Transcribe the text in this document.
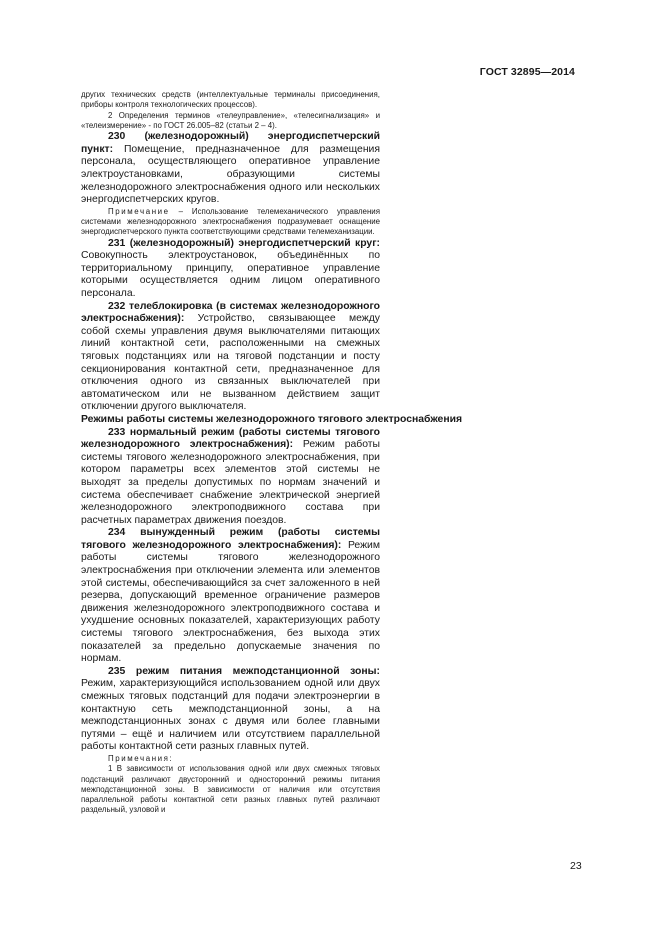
ГОСТ 32895—2014

других технических средств (интеллектуальные терминалы присоединения, приборы контроля технологических процессов).

2 Определения терминов «телеуправление», «телесигнализация» и «телеизмерение» - по ГОСТ 26.005–82 (статьи 2 – 4).

230 (железнодорожный) энергодиспетчерский пункт: Помещение, предназначенное для размещения персонала, осуществляющего оперативное управление электроустановками, образующими системы железнодорожного электроснабжения одного или нескольких энергодиспетчерских кругов.

Примечание – Использование телемеханического управления системами железнодорожного электроснабжения подразумевает оснащение энергодиспетчерского пункта соответствующими средствами телемеханизации.

231 (железнодорожный) энергодиспетчерский круг: Совокупность электроустановок, объединённых по территориальному принципу, оперативное управление которыми осуществляется одним лицом оперативного персонала.

232 телеблокировка (в системах железнодорожного электроснабжения): Устройство, связывающее между собой схемы управления двумя выключателями питающих линий контактной сети, расположенными на смежных тяговых подстанциях или на тяговой подстанции и посту секционирования контактной сети, предназначенное для отключения одного из связанных выключателей при автоматическом или не вызванном действием защит отключении другого выключателя.

Режимы работы системы железнодорожного тягового электроснабжения

233 нормальный режим (работы системы тягового железнодорожного электроснабжения): Режим работы системы тягового железнодорожного электроснабжения, при котором параметры всех элементов этой системы не выходят за пределы допустимых по нормам значений и система обеспечивает снабжение электрической энергией железнодорожного электроподвижного состава при расчетных параметрах движения поездов.

234 вынужденный режим (работы системы тягового железнодорожного электроснабжения): Режим работы системы тягового железнодорожного электроснабжения при отключении элемента или элементов этой системы, обеспечивающийся за счет заложенного в ней резерва, допускающий временное ограничение размеров движения железнодорожного электроподвижного состава и ухудшение основных показателей, характеризующих работу системы тягового электроснабжения, без выхода этих показателей за предельно допускаемые значения по нормам.

235 режим питания межподстанционной зоны: Режим, характеризующийся использованием одной или двух смежных тяговых подстанций для подачи электроэнергии в контактную сеть межподстанционной зоны, а на межподстанционных зонах с двумя или более главными путями – ещё и наличием или отсутствием параллельной работы контактной сети разных главных путей.

Примечания:

1 В зависимости от использования одной или двух смежных тяговых подстанций различают двусторонний и односторонний режимы питания межподстанционной зоны. В зависимости от наличия или отсутствия параллельной работы контактной сети разных главных путей различают раздельный, узловой и

23
